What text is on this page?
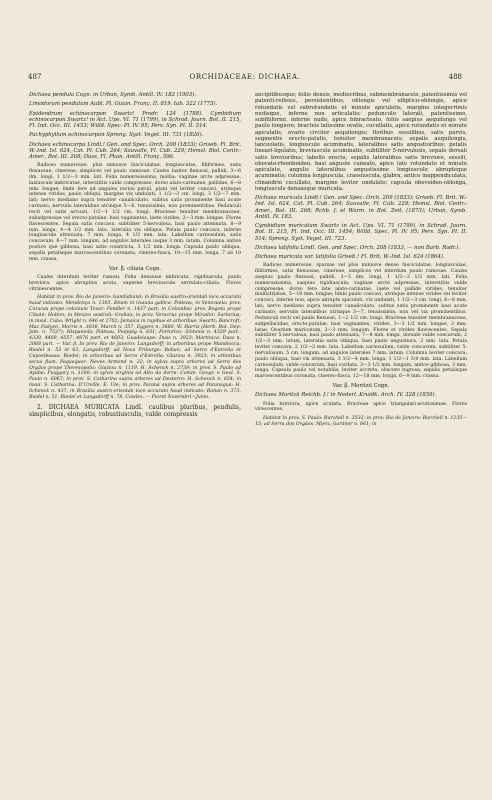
487	ORCHIDACEAE: DICHAEA.	488

Dichaea pendula Cogn. in Urban, Symb. Antill. IV. 182 (1903).

Limodorum pendulum Aubl. Pl. Guian. Franç. II. 819. tab. 322 (1775).

Epidendrum echinocarpon Swartz! Prodr. 124 (1788). Cymbidium echinocarpon Swartz! in Act. Ups. VI. 71 (1799), in Schrad. Journ. Bot. II. 215, Fl. Ind. Occ. III. 1453; Willd. Spec. Pl. IV. 95; Pers. Syn. Pl. II. 514.

Pachyphyllum echinocarpon Spreng. Syst. Veget. III. 731 (1826).

Dichaea echinocarpa Lindl.! Gen. and Spec. Orch. 208 (1833); Griseb. Fl. Brit. W.-Ind. Isl. 624, Cat. Pl. Cub. 264; Sauvalle, Fl. Cub. 229; Hemsl. Biol. Centr.-Amer., Bot. III. 268; Duss, Fl. Phan. Antill. Franç. 596.

Radices numerosae, plus minusve fasciculatae, longiusculae, filiformes, satis flexuosae, cinereae, simplices vel paulo ramosae. Caules laxiter flexuosi, pallidi, 3—6 dm. longi, 1 1/2—3 mm. lati. Folia numerosissima, mollia; vaginae arcte adpressae, laxiuscule imbricatae, interstitiis valde compressae, dorso alato-carinatae, pallidae, 6—8 mm. longae; limbi fere ad angulos rectos patuli, plani vel leviter concavi, utrinque intense virides, paulo obliqui, margine vix undulati, 1 1/2—3 cm. longi, 3 1/2—7 mm. lati; nervo mediano supra tenuiter canaliculato, subtus satis prominente basi acute carinato; nervulis lateralibus utrinque 5—6, tenuissimis, non prominentibus. Pedunculi recti vel satis arcuati, 1/2—1 1/2 cm. longi. Bracteae tenuiter membranaceae, subadpressae vel erecto-patulae, basi vaginantes, laete virides, 2—3 mm. longae. Flores flavescentes. Sepala satis concava, subtiliter 5-nervulosa, basi paulo attenuata, 8—9 mm. longa, 4—4 1/2 mm. lata, lateralia vix obliqua. Petala paulo concava, inferne longiuscule attenuata, 7 mm. longa, 4 1/2 mm. lata. Labellum carnosulum, satis concavum, 6—7 mm. longum, ad angulos laterales usque 3 mm. latum. Columna antice postice que gibbosa, basi satis constricta, 3 1/2 mm. longa. Capsula paulo obliqua, sepalis petalisque marcescentibus coronata, cinereo-fusca, 10—15 mm. longa, 7 ad 10 mm. crassa.

Var. β. ciliata Cogn.

Caules interdum leviter ramosi. Folia densiuse imbricata, rigidiuscula, paulo breviora, apice abruptius acuta, superne breviuscule serrulato-ciliata. Flores citrinescentes.

Habitat in prov. Rio de Janeiro: Gandiahand; in Brasilia austro-orientali loco accurata haud indicato: Mendonça n. 1303. Etiam in Guiana gallica: Poiteau; in Venezuela: prov. Caracas prope coloniam Tovar: Fendler n. 1437 part; in Columbia: prov. Bogota prope Cibaté: Holton; in Mexico australi: Grahan; in prov. Veracruz prope Mirador: Sartorius; in insul. Cuba: Wright n. 646 et 1702; Jamaica in rupibus et arboribus: Swartz; Bancroft; Mac Fadyen, Morris n. 3036, March n. 357, Eggers n. 3680, W. Harris (Herb. Bot. Dep. Jam. n. 7537); Hispaniola: Poiteau, Poeppig n. 631; Portorico: Sintenis n. 4329 part., 4330, 4409, 4557, 4876 part. et 4603; Guadeloupe: Duss n. 3923; Martinica: Duss n. 2068 part. — Var. β. In prov. Rio de Janeiro: Langsdorff; in arboribus prope Mandiocca: Riedel n. 53 et 63, Langsdorff; ad Nova Friburgo: Rohan; ad Serra d'Estrella et Capoeiboasa: Riedel; in arboribus ad Serra d'Estrella: Glaziou n. 3923; in arboribus secus flum. Paquequer: Neves Armond n. 22; in sylvis supra arbores ad Serra dos Orgãos prope Theresopolis: Glaziou n. 1119, H. Schenck n. 2739; in prov. S. Paulo ad Ayuba: Puiggary n. 1180; in sylvis virginis ad Alto da Serra: Comm. Geogr. e Geol. S. Paulo n. 6067; in prov. S. Catharina supra arbores ad Desterro: H. Schenck n. 654; in insul. S. Catharina: D'Urville, E. Ule; in prov. Paraná supra arbores ad Paranaguá: H. Schenck n. 437; in Brasilia austro-orientali loco accurato haud indicato: Rohan n. 373, Riedel n. 51, Riedel et Langsdorff n. 78, Cowles. — Floret Novembri—Junio.

2. DICHAEA MURICATA Lindl. caulibus pluribus, pendulis, simplicibus, elongatis, robustiusculis, valde compressis

ancipitibusque; foliis densis, mediocribus, submembranaceis, patentissimis vel patenti-reflexis, persistentibus, oblongis vel elliptico-oblongis, apice rotundatis vel subrotundatis et minute apiculatis, margine integerrimis nudisque, inferne non articulatis; pedunculo laterali, patentissimo, subfiliformi, inferne nudo, apice bibracteato, foliis saepius aequilongo vel paulo longiore; bracteis latissime ovatis, cucullatis, apice rotundatis et minute apiculatis, ovario circiter aequilongis; floribus sessilibus, satis parvis, segmentis erecto-patulis, tenuiter membranaceis; sepalis aequilongis, lanceolatis, longiuscule acuminatis, lateralibus satis angustioribus; petalis lineari-ligulatis, breviuscule acuminatis, subtiliter 5-nervulosis, sepalo dorsali satis brevioribus; labello erecto, sepalis lateralibus satis breviore, sessili, obovato-rhomboideo, basi anguste cuneato, apice late rotundato et minute apiculato, angulis lateralibus angustissime longiuscule abrupteque acuminatis; columna longiuscula, crassiuscula, glabra, antice inappendiculata, clinandrio cucullato, margine leviter undulato; capsula obovoideo-oblonga, longiuscule densaeque muricata.

Dichaea muricata Lindl.! Gen. and Spec. Orch. 209 (1833); Griseb. Fl. Brit. W.-Ind. Isl. 624, Cat. Pl. Cub. 264; Sauvalle, Fl. Cub. 229; Hemsl. Biol. Centr.-Amer., Bot. III. 268; Rchb. f. et Warm. in Bot. Zeit. (1873); Urban, Symb. Antill. IV. 183.

Cymbidium muricatum Swartz in Act. Ups. VI. 71 (1799), in Schrad. Journ. Bot. II. 215, Fl. Ind. Occ. III. 1454; Willd. Spec. Pl. IV. 95; Pers. Syn. Pl. II. 514; Spreng. Syst. Veget. III. 723.

Dichaea latifolia Lindl. Gen. and Spec. Orch. 208 (1833, — non Barb. Rodr.).

Dichaea muricata var. latifolia Griseb.! Fl. Brit. W.-Ind. Isl. 624 (1864).

Radices numerosae, sparsae vel plus minusve dense fasciculatae, longiusculae, filiformes, satis flexuosae, cinereae, simplices vel interdum paulo ramosae. Caules saepius paulo flexuosi, pallidi, 3—5 dm. longi, 1 1/2—2 1/2 mm. lati. Folia numerosissima, saepius rigidiuscula; vaginae arcte adpressae, interstitiis valde compressae, dorso fere late alato-carinatae, laete vel pallide virides, tenuiter multistriatae, 5—10 mm. longae; limbi paulo concavi, utrinque intense virides vel leviter concavi, inferne non, apice abrupte apiculati, vix undulati, 1 1/2—3 cm. longi, 6—8 mm. lati; nervo mediano supra tenuiter canaliculato, subtus satis prominente basi acute carinato; nervulis lateralibus utrinque 5—7, tenuissimis, non vel vix prominentibus. Pedunculi recti vel paulo flexuosi, 1—2 1/2 cm. longi. Bracteae tenuiter membranaceae, subpellucidae, erecto-patulae, basi vaginantes, virides, 3—3 1/2 mm. longae, 3 mm. latae. Ovarium muricatum, 2—3 mm. longum. Flores et virides flavescentes. Sepala subtiliter 5-nervulosa, basi paulo attenuata, 7—8 mm. longa, dorsale valde concavum, 2 1/2—3 mm. latum, lateralia satis obliqua, basi paulo angustiora, 2 mm. lata. Petala leviter concava, 2 1/2—3 mm. lata. Labellum carnosulum, valde concavum, subtiliter 5-nervulosum, 5 cm. longum, ad angulos laterales 7 mm. latum. Columna leviter concava, paulo obliqua, basi vix attenuata, 3 1/2—4 mm. longa, 1 1/2—1 3/4 mm. lata. Labellum carnosulum, valde concavum, basi cordata, 3—3 1/2 mm. longum, antice gibbosa, 3 mm. longa. Capsula paulo vel notabilis, leviter accreta, obscure nigrosa, sepalis petalisque marcescentibus coronata, cinereo-fusca, 12—18 mm. longa, 6—9 mm. crassa.

Var. β. Moritzii Cogn.

Dichaea Moritzii Reichb. f.! in Nederl. Kruidk. Arch. IV. 328 (1859).

Folia breviora, apice acutata. Bracteae apice triangulari-acutissimae. Flores virescentes.

Habitat in prov. S. Paulo: Burchell n. 3532; in prov. Rio de Janeiro: Burchell n. 1235—15; ad Serra dos Orgãos: Miers, Gardner n. 661; in
